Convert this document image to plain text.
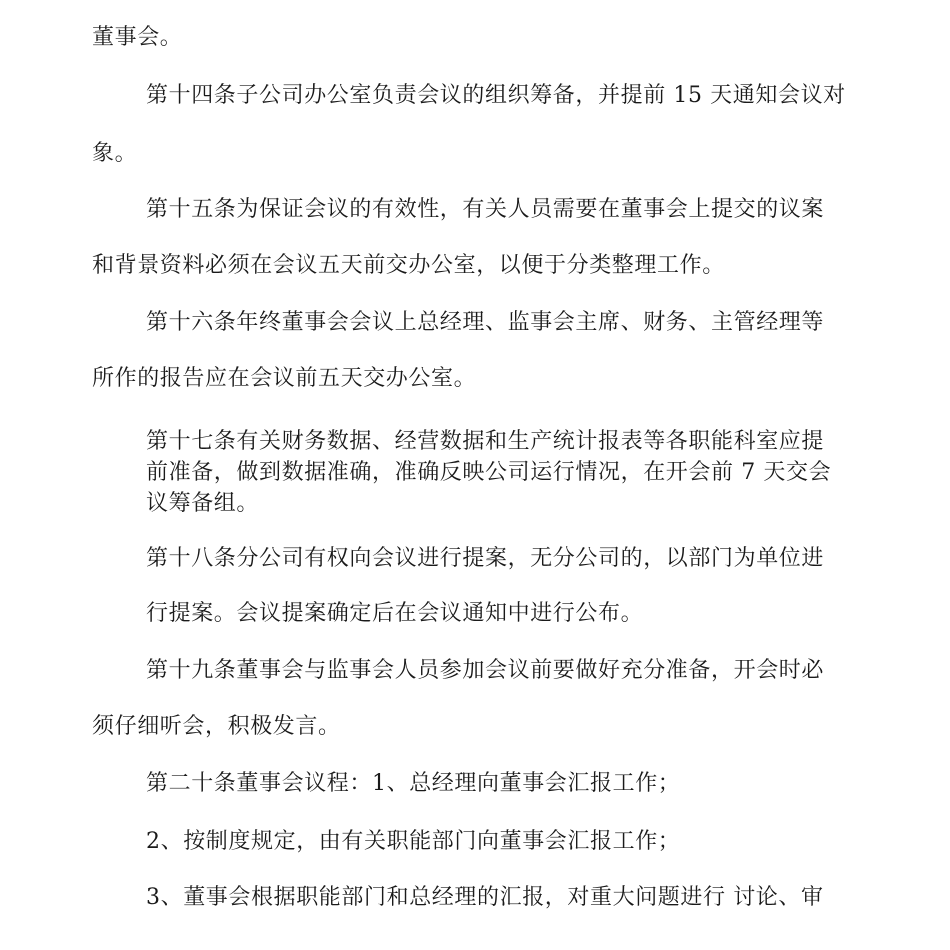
董事会。
第十四条子公司办公室负责会议的组织筹备，并提前 15 天通知会议对
象。
第十五条为保证会议的有效性，有关人员需要在董事会上提交的议案
和背景资料必须在会议五天前交办公室，以便于分类整理工作。
第十六条年终董事会会议上总经理、监事会主席、财务、主管经理等
所作的报告应在会议前五天交办公室。
第十七条有关财务数据、经营数据和生产统计报表等各职能科室应提
前准备，做到数据准确，准确反映公司运行情况，在开会前 7 天交会
议筹备组。
第十八条分公司有权向会议进行提案，无分公司的，以部门为单位进
行提案。会议提案确定后在会议通知中进行公布。
第十九条董事会与监事会人员参加会议前要做好充分准备，开会时必
须仔细听会，积极发言。
第二十条董事会议程：1、总经理向董事会汇报工作；
2、按制度规定，由有关职能部门向董事会汇报工作；
3、董事会根据职能部门和总经理的汇报，对重大问题进行 讨论、审
